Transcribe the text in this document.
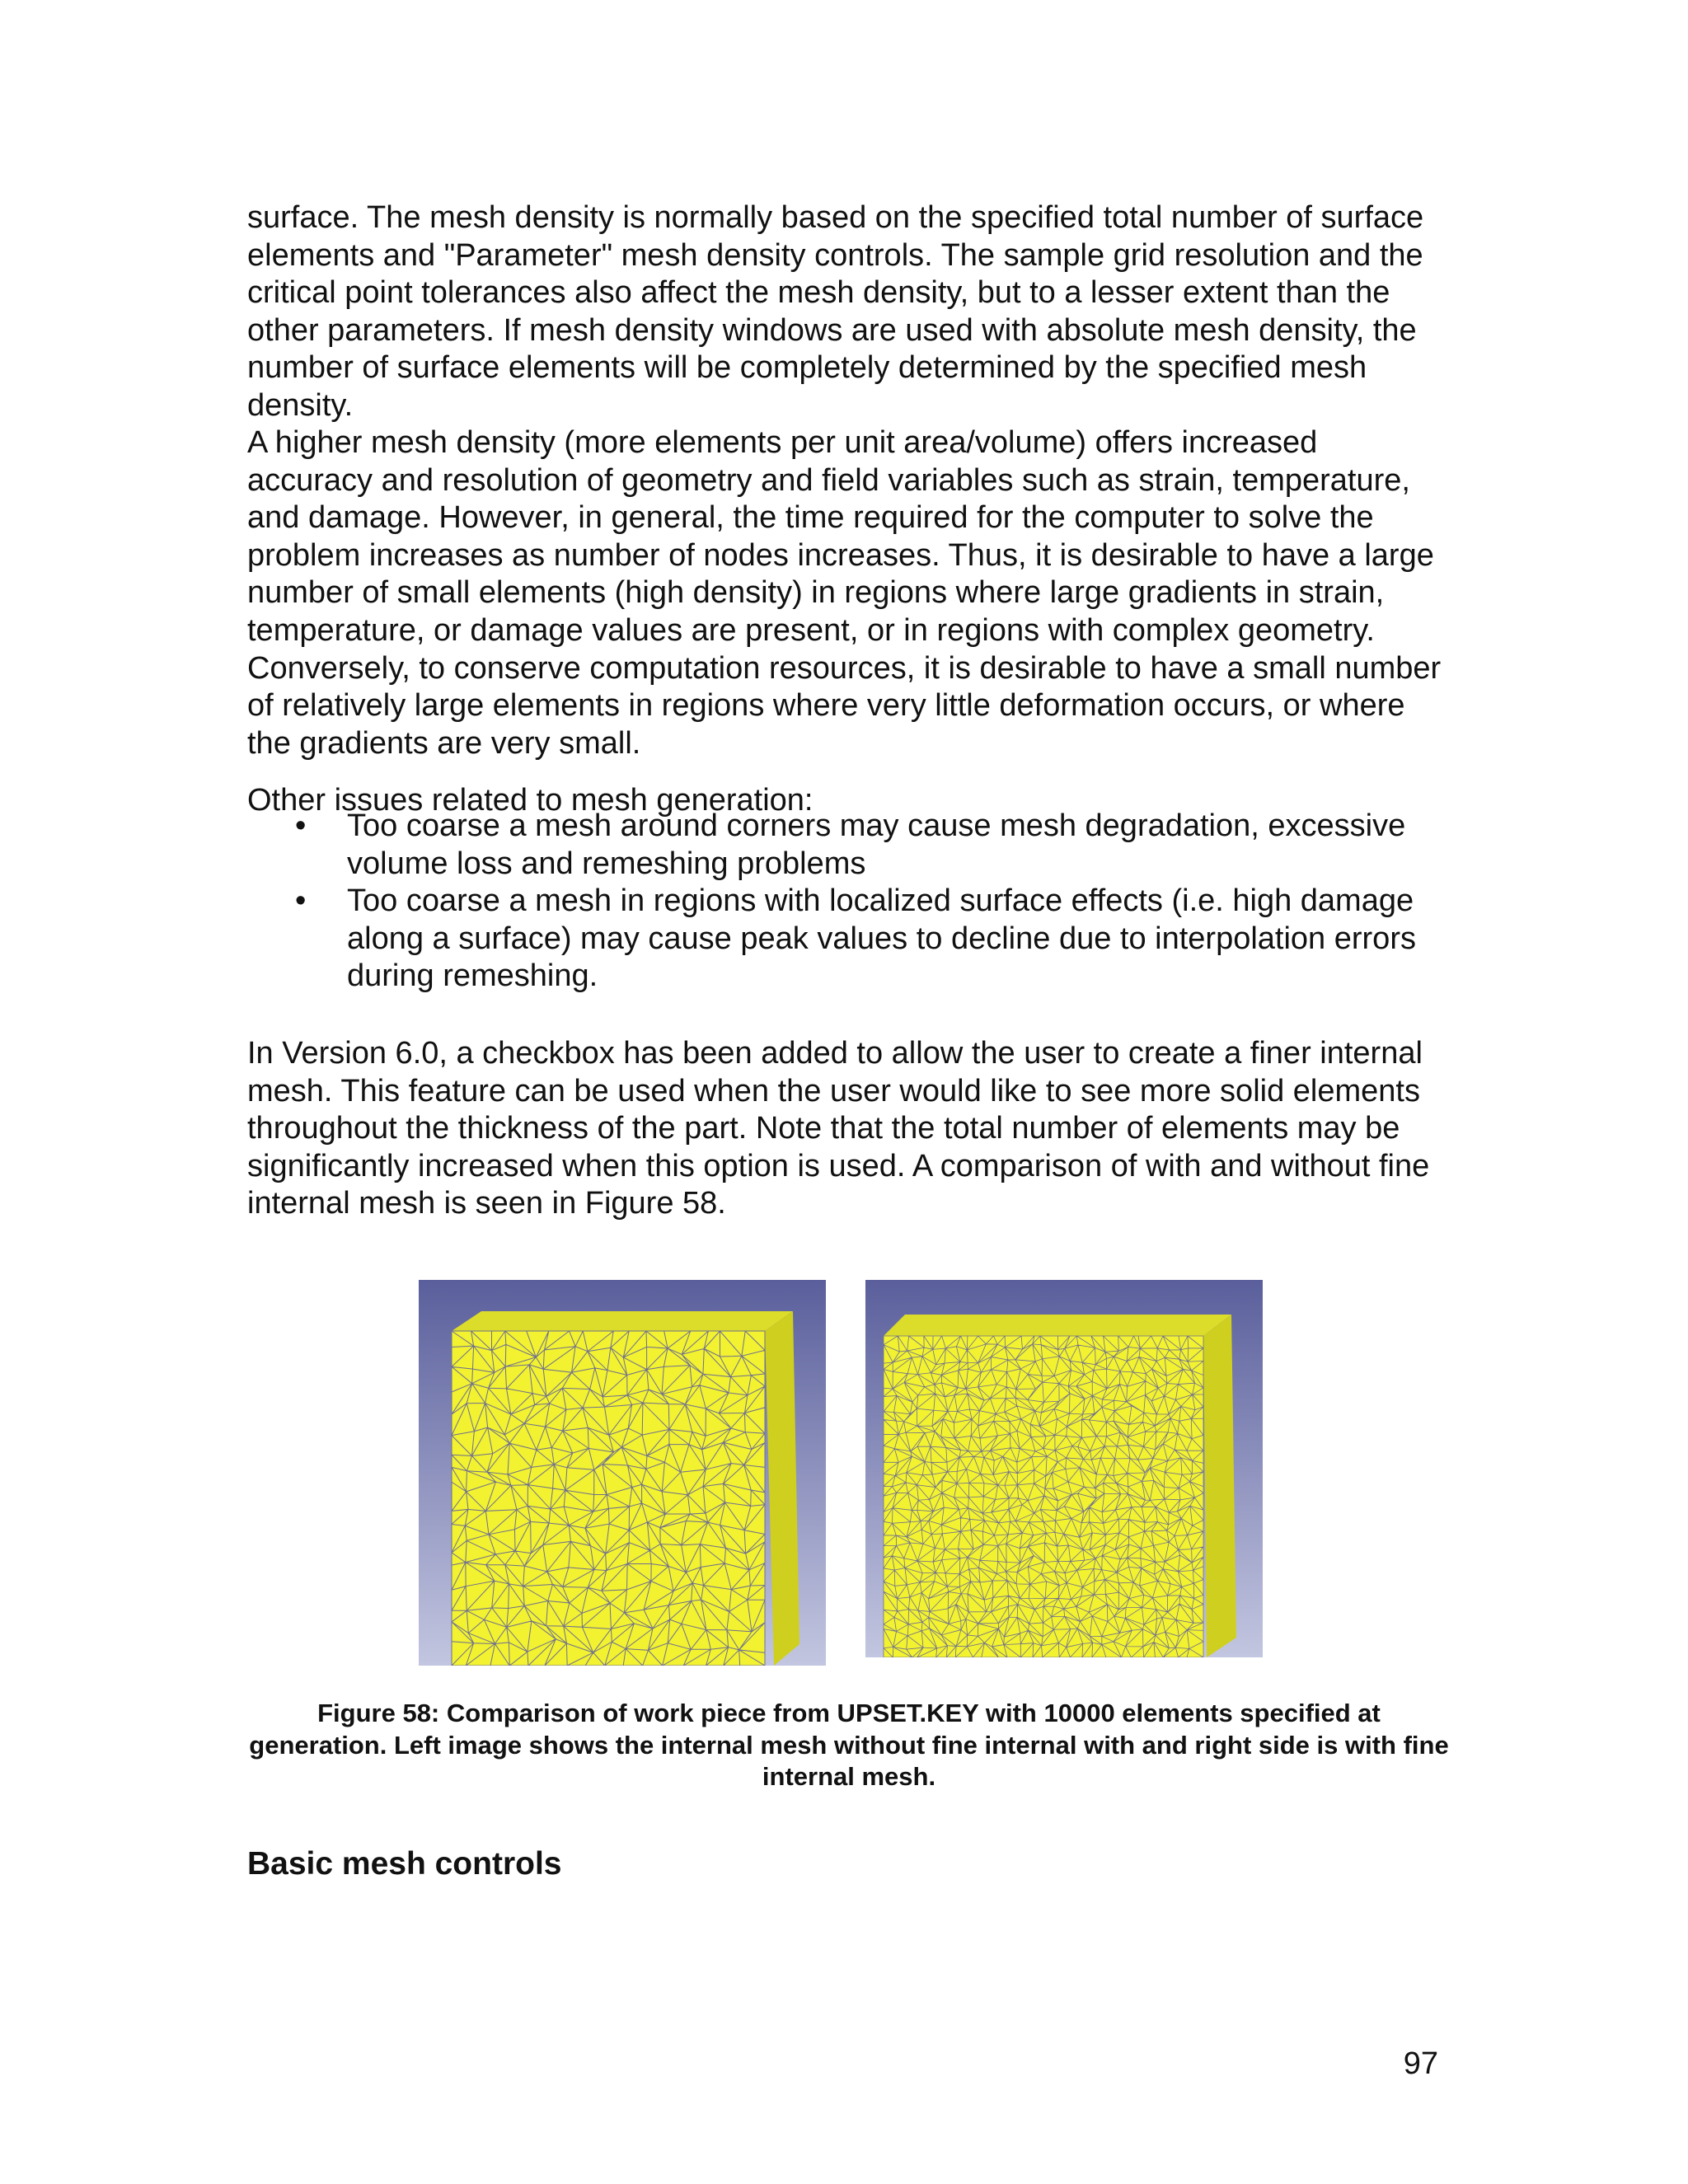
surface. The mesh density is normally based on the specified total number of surface elements and "Parameter" mesh density controls. The sample grid resolution and the critical point tolerances also affect the mesh density, but to a lesser extent than the other parameters. If mesh density windows are used with absolute mesh density, the number of surface elements will be completely determined by the specified mesh density.

A higher mesh density (more elements per unit area/volume) offers increased accuracy and resolution of geometry and field variables such as strain, temperature, and damage. However, in general, the time required for the computer to solve the problem increases as number of nodes increases. Thus, it is desirable to have a large number of small elements (high density) in regions where large gradients in strain, temperature, or damage values are present, or in regions with complex geometry. Conversely, to conserve computation resources, it is desirable to have a small number of relatively large elements in regions where very little deformation occurs, or where the gradients are very small.

Other issues related to mesh generation:

• Too coarse a mesh around corners may cause mesh degradation, excessive volume loss and remeshing problems
• Too coarse a mesh in regions with localized surface effects (i.e. high damage along a surface) may cause peak values to decline due to interpolation errors during remeshing.

In Version 6.0, a checkbox has been added to allow the user to create a finer internal mesh. This feature can be used when the user would like to see more solid elements throughout the thickness of the part. Note that the total number of elements may be significantly increased when this option is used. A comparison of with and without fine internal mesh is seen in Figure 58.

Figure 58: Comparison of work piece from UPSET.KEY with 10000 elements specified at generation. Left image shows the internal mesh without fine internal with and right side is with fine internal mesh.

Basic mesh controls
97
